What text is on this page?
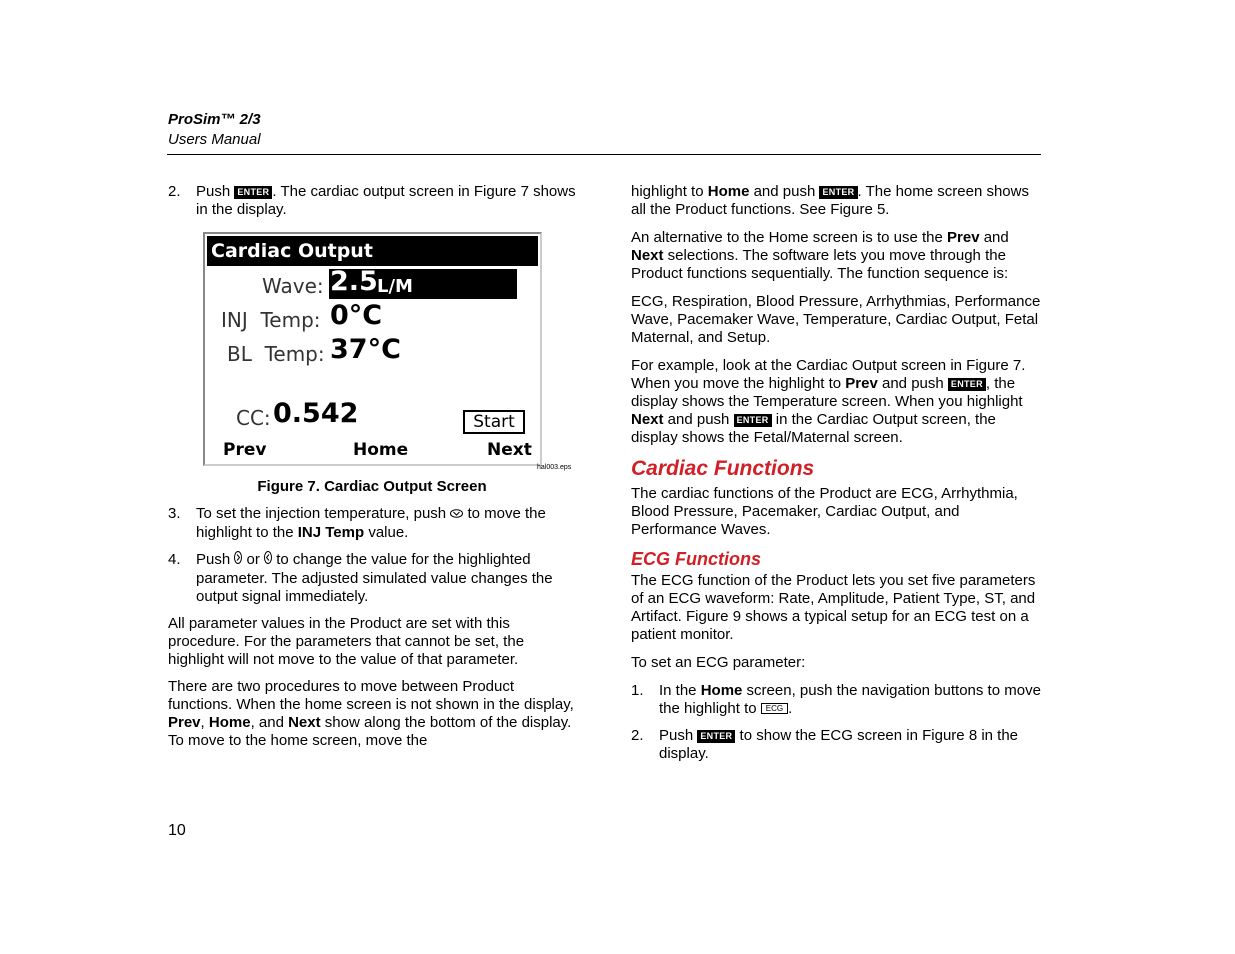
ProSim™ 2/3
Users Manual
2. Push ENTER . The cardiac output screen in Figure 7 shows in the display.
Cardiac Output
Wave: 2.5 L/M
INJ  Temp: 0°C
BL  Temp: 37°C
CC: 0.542	Start
Prev	Home	Next
hal003.eps
Figure 7. Cardiac Output Screen
3. To set the injection temperature, push  to move the highlight to the INJ Temp value.
4. Push  or  to change the value for the highlighted parameter. The adjusted simulated value changes the output signal immediately.

All parameter values in the Product are set with this procedure. For the parameters that cannot be set, the highlight will not move to the value of that parameter.

There are two procedures to move between Product functions. When the home screen is not shown in the display, Prev, Home, and Next show along the bottom of the display. To move to the home screen, move the

highlight to Home and push ENTER . The home screen shows all the Product functions. See Figure 5.

An alternative to the Home screen is to use the Prev and Next selections. The software lets you move through the Product functions sequentially. The function sequence is:

ECG, Respiration, Blood Pressure, Arrhythmias, Performance Wave, Pacemaker Wave, Temperature, Cardiac Output, Fetal Maternal, and Setup.

For example, look at the Cardiac Output screen in Figure 7. When you move the highlight to Prev and push ENTER , the display shows the Temperature screen. When you highlight Next and push ENTER in the Cardiac Output screen, the display shows the Fetal/Maternal screen.

Cardiac Functions

The cardiac functions of the Product are ECG, Arrhythmia, Blood Pressure, Pacemaker, Cardiac Output, and Performance Waves.

ECG Functions

The ECG function of the Product lets you set five parameters of an ECG waveform: Rate, Amplitude, Patient Type, ST, and Artifact. Figure 9 shows a typical setup for an ECG test on a patient monitor.

To set an ECG parameter:

1. In the Home screen, push the navigation buttons to move the highlight to ECG .
2. Push ENTER to show the ECG screen in Figure 8 in the display.
10
